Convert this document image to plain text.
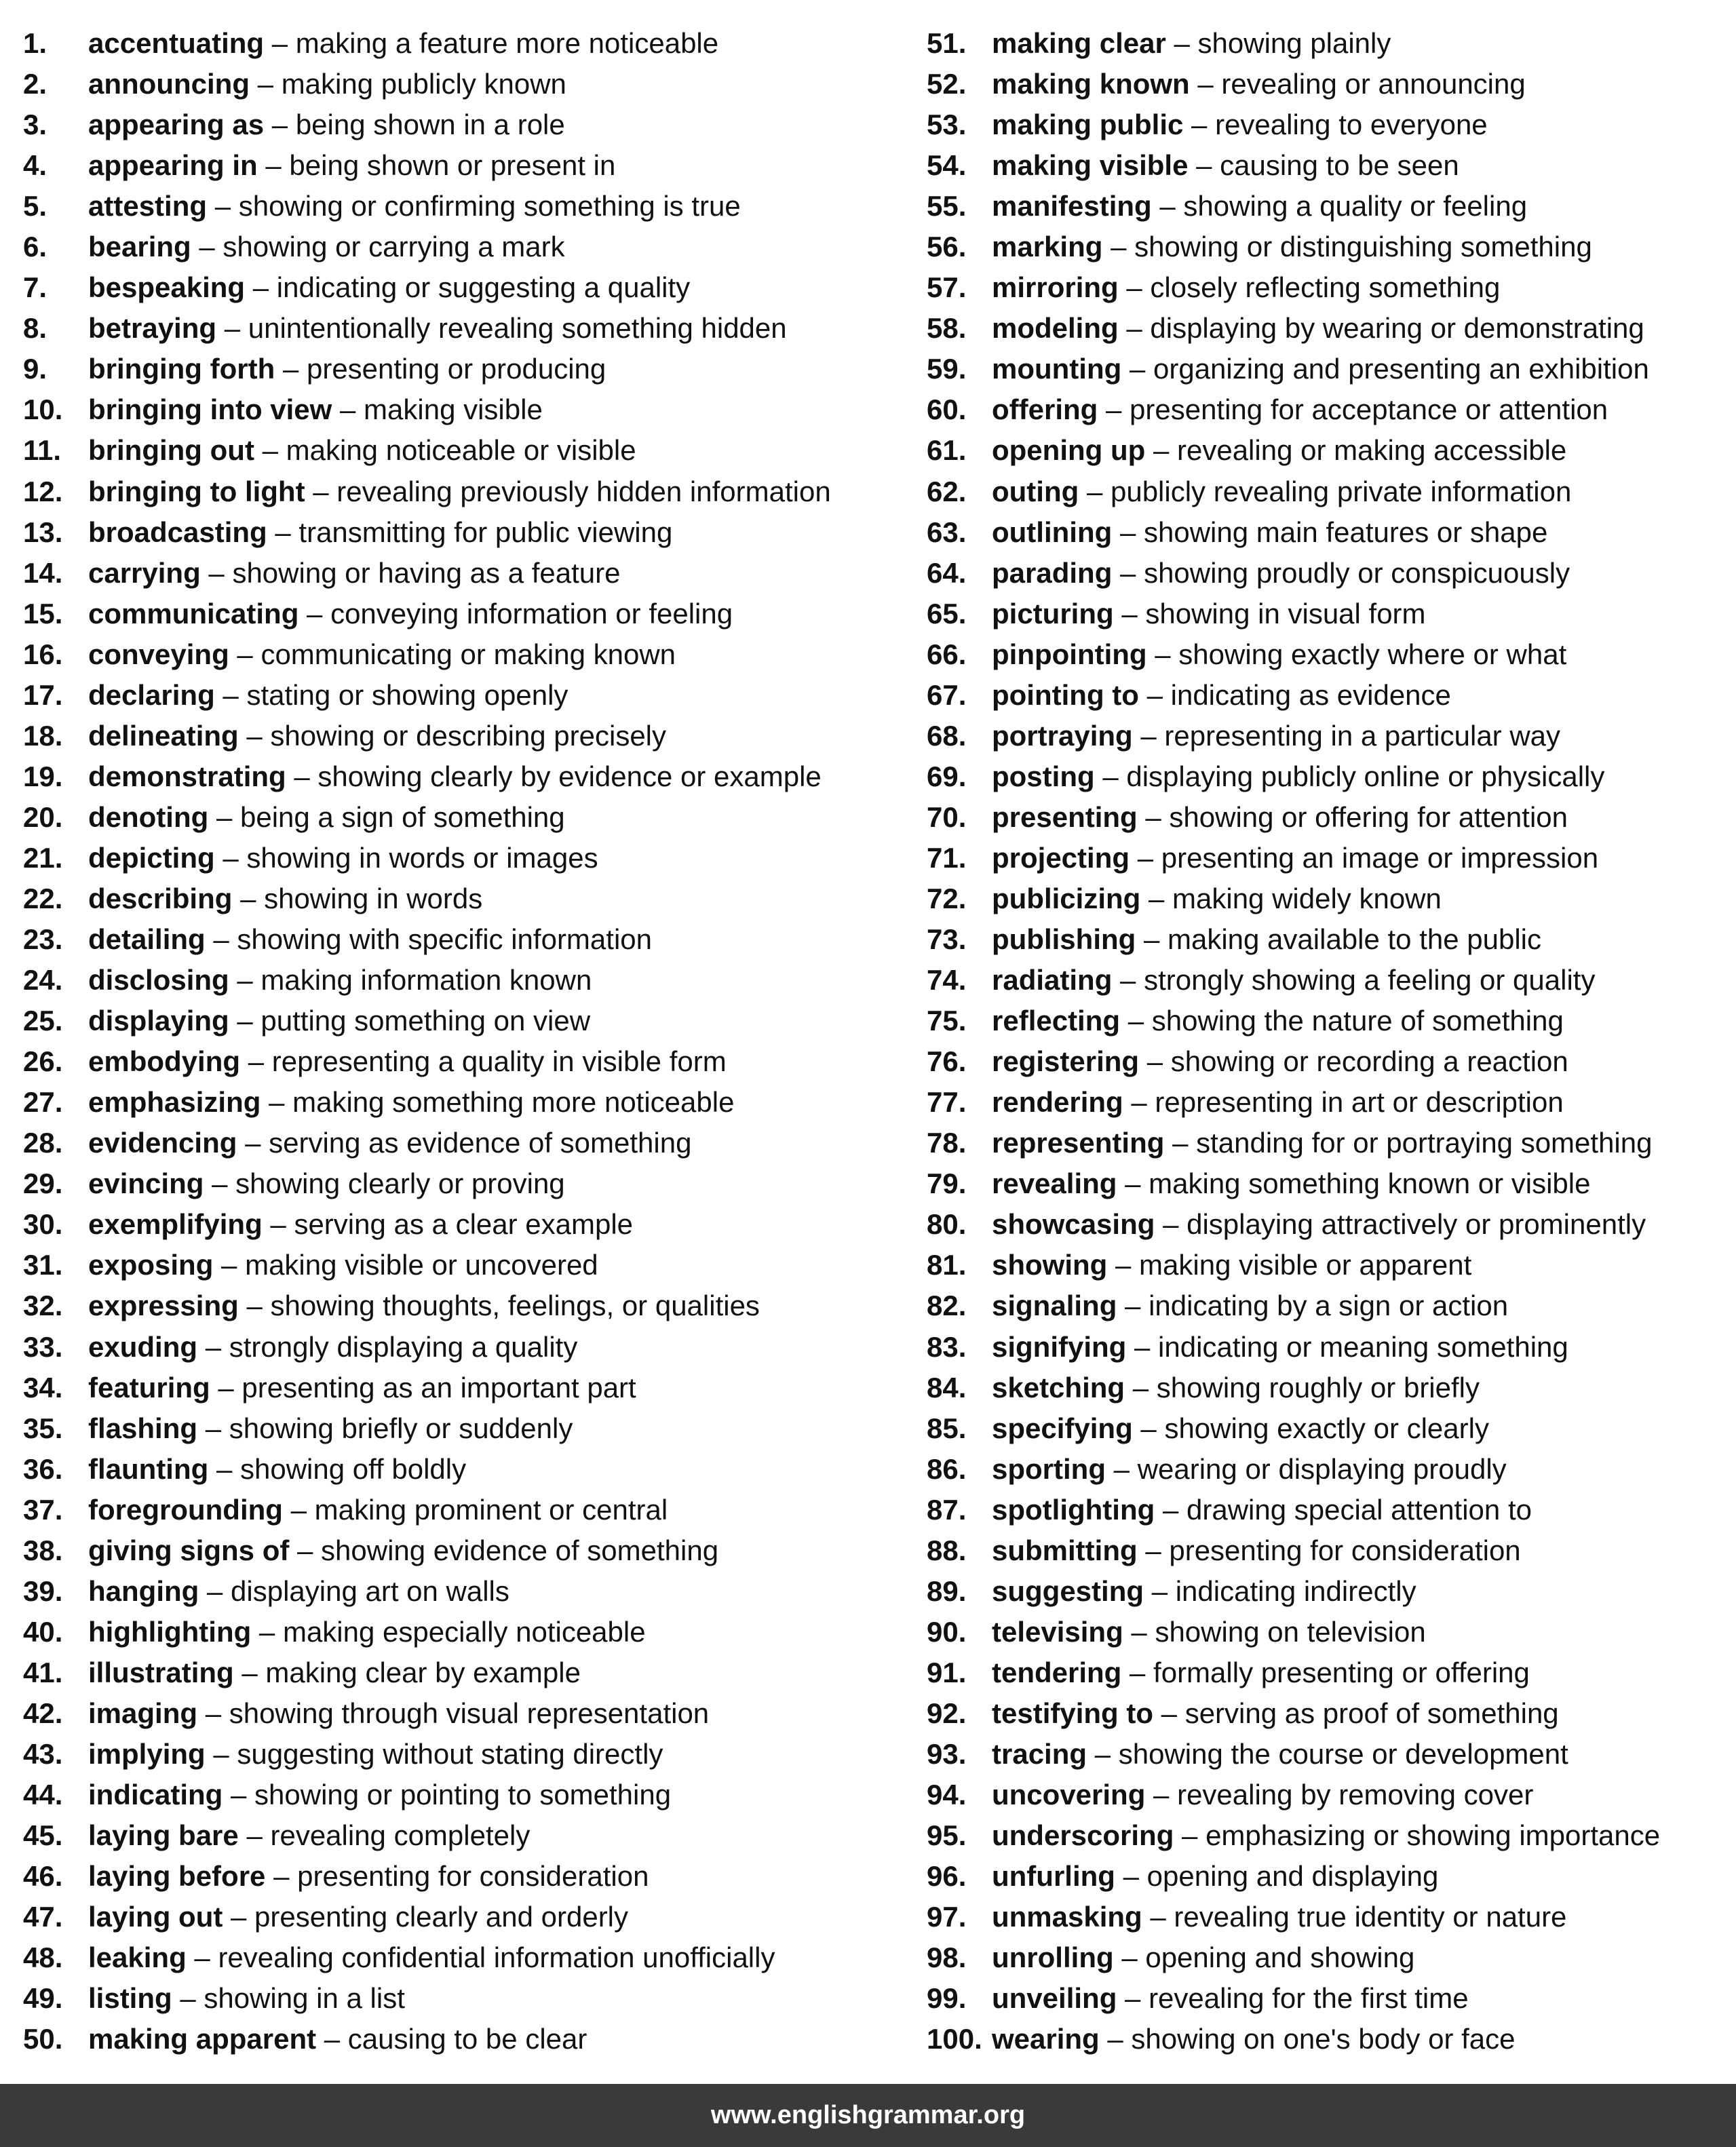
1. accentuating – making a feature more noticeable
2. announcing – making publicly known
3. appearing as – being shown in a role
4. appearing in – being shown or present in
5. attesting – showing or confirming something is true
6. bearing – showing or carrying a mark
7. bespeaking – indicating or suggesting a quality
8. betraying – unintentionally revealing something hidden
9. bringing forth – presenting or producing
10. bringing into view – making visible
11. bringing out – making noticeable or visible
12. bringing to light – revealing previously hidden information
13. broadcasting – transmitting for public viewing
14. carrying – showing or having as a feature
15. communicating – conveying information or feeling
16. conveying – communicating or making known
17. declaring – stating or showing openly
18. delineating – showing or describing precisely
19. demonstrating – showing clearly by evidence or example
20. denoting – being a sign of something
21. depicting – showing in words or images
22. describing – showing in words
23. detailing – showing with specific information
24. disclosing – making information known
25. displaying – putting something on view
26. embodying – representing a quality in visible form
27. emphasizing – making something more noticeable
28. evidencing – serving as evidence of something
29. evincing – showing clearly or proving
30. exemplifying – serving as a clear example
31. exposing – making visible or uncovered
32. expressing – showing thoughts, feelings, or qualities
33. exuding – strongly displaying a quality
34. featuring – presenting as an important part
35. flashing – showing briefly or suddenly
36. flaunting – showing off boldly
37. foregrounding – making prominent or central
38. giving signs of – showing evidence of something
39. hanging – displaying art on walls
40. highlighting – making especially noticeable
41. illustrating – making clear by example
42. imaging – showing through visual representation
43. implying – suggesting without stating directly
44. indicating – showing or pointing to something
45. laying bare – revealing completely
46. laying before – presenting for consideration
47. laying out – presenting clearly and orderly
48. leaking – revealing confidential information unofficially
49. listing – showing in a list
50. making apparent – causing to be clear
51. making clear – showing plainly
52. making known – revealing or announcing
53. making public – revealing to everyone
54. making visible – causing to be seen
55. manifesting – showing a quality or feeling
56. marking – showing or distinguishing something
57. mirroring – closely reflecting something
58. modeling – displaying by wearing or demonstrating
59. mounting – organizing and presenting an exhibition
60. offering – presenting for acceptance or attention
61. opening up – revealing or making accessible
62. outing – publicly revealing private information
63. outlining – showing main features or shape
64. parading – showing proudly or conspicuously
65. picturing – showing in visual form
66. pinpointing – showing exactly where or what
67. pointing to – indicating as evidence
68. portraying – representing in a particular way
69. posting – displaying publicly online or physically
70. presenting – showing or offering for attention
71. projecting – presenting an image or impression
72. publicizing – making widely known
73. publishing – making available to the public
74. radiating – strongly showing a feeling or quality
75. reflecting – showing the nature of something
76. registering – showing or recording a reaction
77. rendering – representing in art or description
78. representing – standing for or portraying something
79. revealing – making something known or visible
80. showcasing – displaying attractively or prominently
81. showing – making visible or apparent
82. signaling – indicating by a sign or action
83. signifying – indicating or meaning something
84. sketching – showing roughly or briefly
85. specifying – showing exactly or clearly
86. sporting – wearing or displaying proudly
87. spotlighting – drawing special attention to
88. submitting – presenting for consideration
89. suggesting – indicating indirectly
90. televising – showing on television
91. tendering – formally presenting or offering
92. testifying to – serving as proof of something
93. tracing – showing the course or development
94. uncovering – revealing by removing cover
95. underscoring – emphasizing or showing importance
96. unfurling – opening and displaying
97. unmasking – revealing true identity or nature
98. unrolling – opening and showing
99. unveiling – revealing for the first time
100. wearing – showing on one's body or face
www.englishgrammar.org
